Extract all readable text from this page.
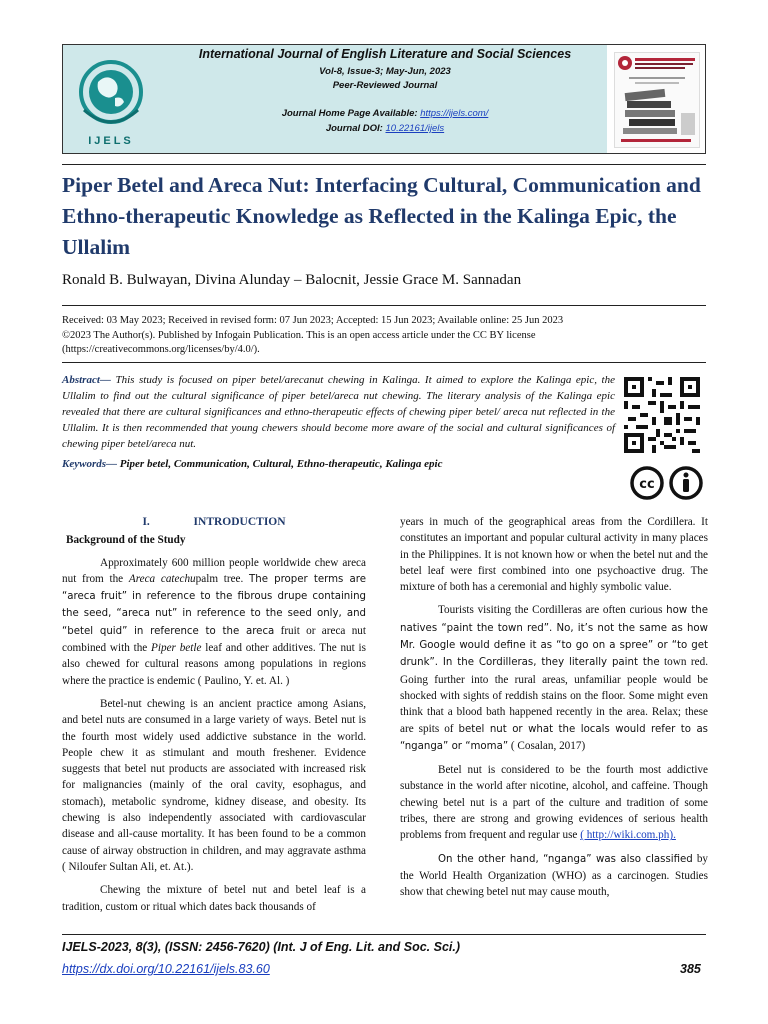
IJELS
International Journal of English Literature and Social Sciences
Vol-8, Issue-3; May-Jun, 2023
Peer-Reviewed Journal
Journal Home Page Available: https://ijels.com/
Journal DOI: 10.22161/ijels
Piper Betel and Areca Nut: Interfacing Cultural, Communication and Ethno-therapeutic Knowledge as Reflected in the Kalinga Epic, the Ullalim
Ronald B. Bulwayan, Divina Alunday – Balocnit, Jessie Grace M. Sannadan
Received: 03 May 2023; Received in revised form: 07 Jun 2023; Accepted: 15 Jun 2023; Available online: 25 Jun 2023
©2023 The Author(s). Published by Infogain Publication. This is an open access article under the CC BY license
(https://creativecommons.org/licenses/by/4.0/).
Abstract— This study is focused on piper betel/arecanut chewing in Kalinga. It aimed to explore the Kalinga epic, the Ullalim to find out the cultural significance of piper betel/areca nut chewing. The literary analysis of the Kalinga epic revealed that there are cultural significances and ethno-therapeutic effects of chewing piper betel/ areca nut reflected in the Ullalim. It is then recommended that young chewers should become more aware of the social and cultural significances of chewing piper betel/areca nut.
Keywords— Piper betel, Communication, Cultural, Ethno-therapeutic, Kalinga epic
cc
I.	INTRODUCTION
Background of the Study

Approximately 600 million people worldwide chew areca nut from the Areca catechupalm tree. The proper terms are “areca fruit” in reference to the fibrous drupe containing the seed, “areca nut” in reference to the seed only, and “betel quid” in reference to the areca fruit or areca nut combined with the Piper betle leaf and other additives. The nut is also chewed for cultural reasons among populations in regions where the practice is endemic ( Paulino, Y. et. Al. )

Betel-nut chewing is an ancient practice among Asians, and betel nuts are consumed in a large variety of ways. Betel nut is the fourth most widely used addictive substance in the world. People chew it as stimulant and mouth freshener. Evidence suggests that betel nut products are associated with increased risk for malignancies (mainly of the oral cavity, esophagus, and stomach), metabolic syndrome, kidney disease, and obesity. Its chewing is also independently associated with cardiovascular disease and all-cause mortality. It has been found to be a common cause of airway obstruction in children, and may aggravate asthma ( Niloufer Sultan Ali, et. At.).

Chewing the mixture of betel nut and betel leaf is a tradition, custom or ritual which dates back thousands of

years in much of the geographical areas from the Cordillera. It constitutes an important and popular cultural activity in many places in the Philippines. It is not known how or when the betel nut and the betel leaf were first combined into one psychoactive drug. The mixture of both has a ceremonial and highly symbolic value.

Tourists visiting the Cordilleras are often curious how the natives “paint the town red”. No, it’s not the same as how Mr. Google would define it as “to go on a spree” or “to get drunk”. In the Cordilleras, they literally paint the town red. Going further into the rural areas, unfamiliar people would be shocked with sights of reddish stains on the floor. Some might even think that a blood bath happened recently in the area. Relax; these are spits of betel nut or what the locals would refer to as “nganga” or “moma” ( Cosalan, 2017)

Betel nut is considered to be the fourth most addictive substance in the world after nicotine, alcohol, and caffeine. Though chewing betel nut is a part of the culture and tradition of some tribes, there are strong and growing evidences of serious health problems from frequent and regular use ( http://wiki.com.ph).

On the other hand, “nganga” was also classified by the World Health Organization (WHO) as a carcinogen. Studies show that chewing betel nut may cause mouth,

IJELS-2023, 8(3), (ISSN: 2456-7620) (Int. J of Eng. Lit. and Soc. Sci.)
https://dx.doi.org/10.22161/ijels.83.60	385
